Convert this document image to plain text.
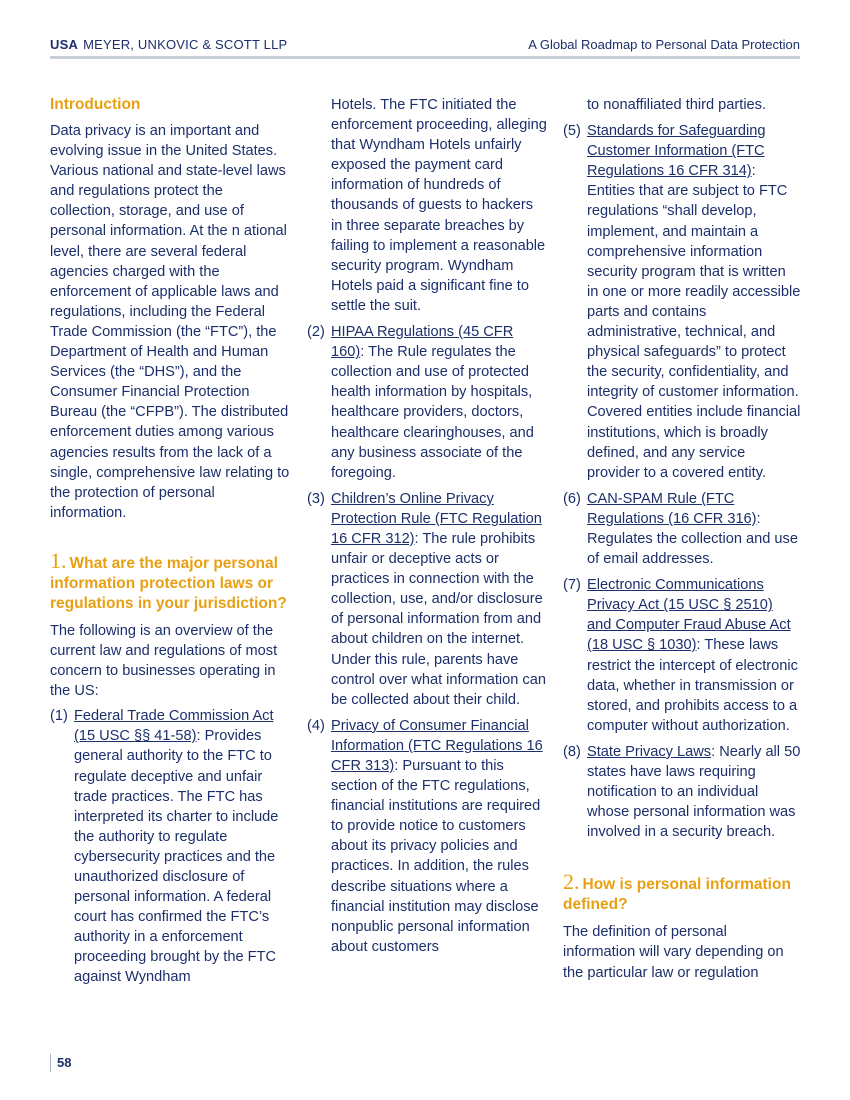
USA MEYER, UNKOVIC & SCOTT LLP	A Global Roadmap to Personal Data Protection
Introduction

Data privacy is an important and evolving issue in the United States. Various national and state-level laws and regulations protect the collection, storage, and use of personal information. At the n ational level, there are several federal agencies charged with the enforcement of applicable laws and regulations, including the Federal Trade Commission (the “FTC”), the Department of Health and Human Services (the “DHS”), and the Consumer Financial Protection Bureau (the “CFPB”). The distributed enforcement duties among various agencies results from the lack of a single, comprehensive law relating to the protection of personal information.

1. What are the major personal information protection laws or regulations in your jurisdiction?

The following is an overview of the current law and regulations of most concern to businesses operating in the US:

(1) Federal Trade Commission Act (15 USC §§ 41-58): Provides general authority to the FTC to regulate deceptive and unfair trade practices. The FTC has interpreted its charter to include the authority to regulate cybersecurity practices and the unauthorized disclosure of personal information. A federal court has confirmed the FTC’s authority in a enforcement proceeding brought by the FTC against Wyndham

Hotels. The FTC initiated the enforcement proceeding, alleging that Wyndham Hotels unfairly exposed the payment card information of hundreds of thousands of guests to hackers in three separate breaches by failing to implement a reasonable security program. Wyndham Hotels paid a significant fine to settle the suit.

(2) HIPAA Regulations (45 CFR 160): The Rule regulates the collection and use of protected health information by hospitals, healthcare providers, doctors, healthcare clearinghouses, and any business associate of the foregoing.
(3) Children’s Online Privacy Protection Rule (FTC Regulation 16 CFR 312): The rule prohibits unfair or deceptive acts or practices in connection with the collection, use, and/or disclosure of personal information from and about children on the internet. Under this rule, parents have control over what information can be collected about their child.
(4) Privacy of Consumer Financial Information (FTC Regulations 16 CFR 313): Pursuant to this section of the FTC regulations, financial institutions are required to provide notice to customers about its privacy policies and practices. In addition, the rules describe situations where a financial institution may disclose nonpublic personal information about customers

to nonaffiliated third parties.

(5) Standards for Safeguarding Customer Information (FTC Regulations 16 CFR 314): Entities that are subject to FTC regulations “shall develop, implement, and maintain a comprehensive information security program that is written in one or more readily accessible parts and contains administrative, technical, and physical safeguards” to protect the security, confidentiality, and integrity of customer information. Covered entities include financial institutions, which is broadly defined, and any service provider to a covered entity.
(6) CAN-SPAM Rule (FTC Regulations (16 CFR 316): Regulates the collection and use of email addresses.
(7) Electronic Communications Privacy Act (15 USC § 2510) and Computer Fraud Abuse Act (18 USC § 1030): These laws restrict the intercept of electronic data, whether in transmission or stored, and prohibits access to a computer without authorization.
(8) State Privacy Laws: Nearly all 50 states have laws requiring notification to an individual whose personal information was involved in a security breach.
2. How is personal information defined?

The definition of personal information will vary depending on the particular law or regulation

58
